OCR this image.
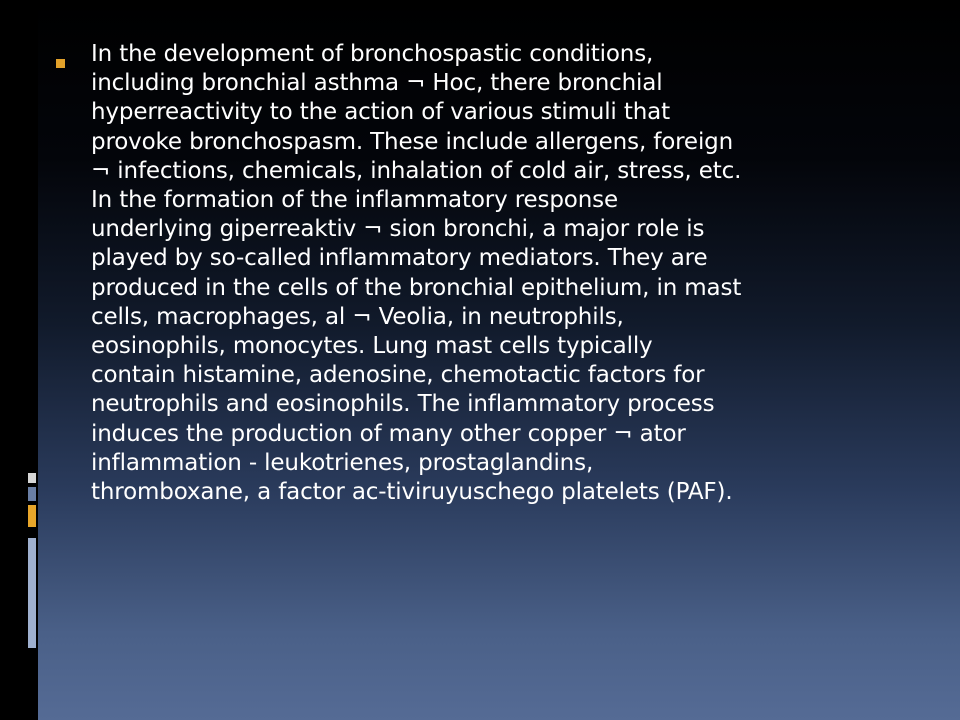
In the development of bronchospastic conditions,
including bronchial asthma ¬ Hoc, there bronchial
hyperreactivity to the action of various stimuli that
provoke bronchospasm. These include allergens, foreign
¬ infections, chemicals, inhalation of cold air, stress, etc.
In the formation of the inflammatory response
underlying giperreaktiv ¬ sion bronchi, a major role is
played by so-called inflammatory mediators. They are
produced in the cells of the bronchial epithelium, in mast
cells, macrophages, al ¬ Veolia, in neutrophils,
eosinophils, monocytes. Lung mast cells typically
contain histamine, adenosine, chemotactic factors for
neutrophils and eosinophils. The inflammatory process
induces the production of many other copper ¬ ator
inflammation - leukotrienes, prostaglandins,
thromboxane, a factor ac-tiviruyuschego platelets (PAF).
